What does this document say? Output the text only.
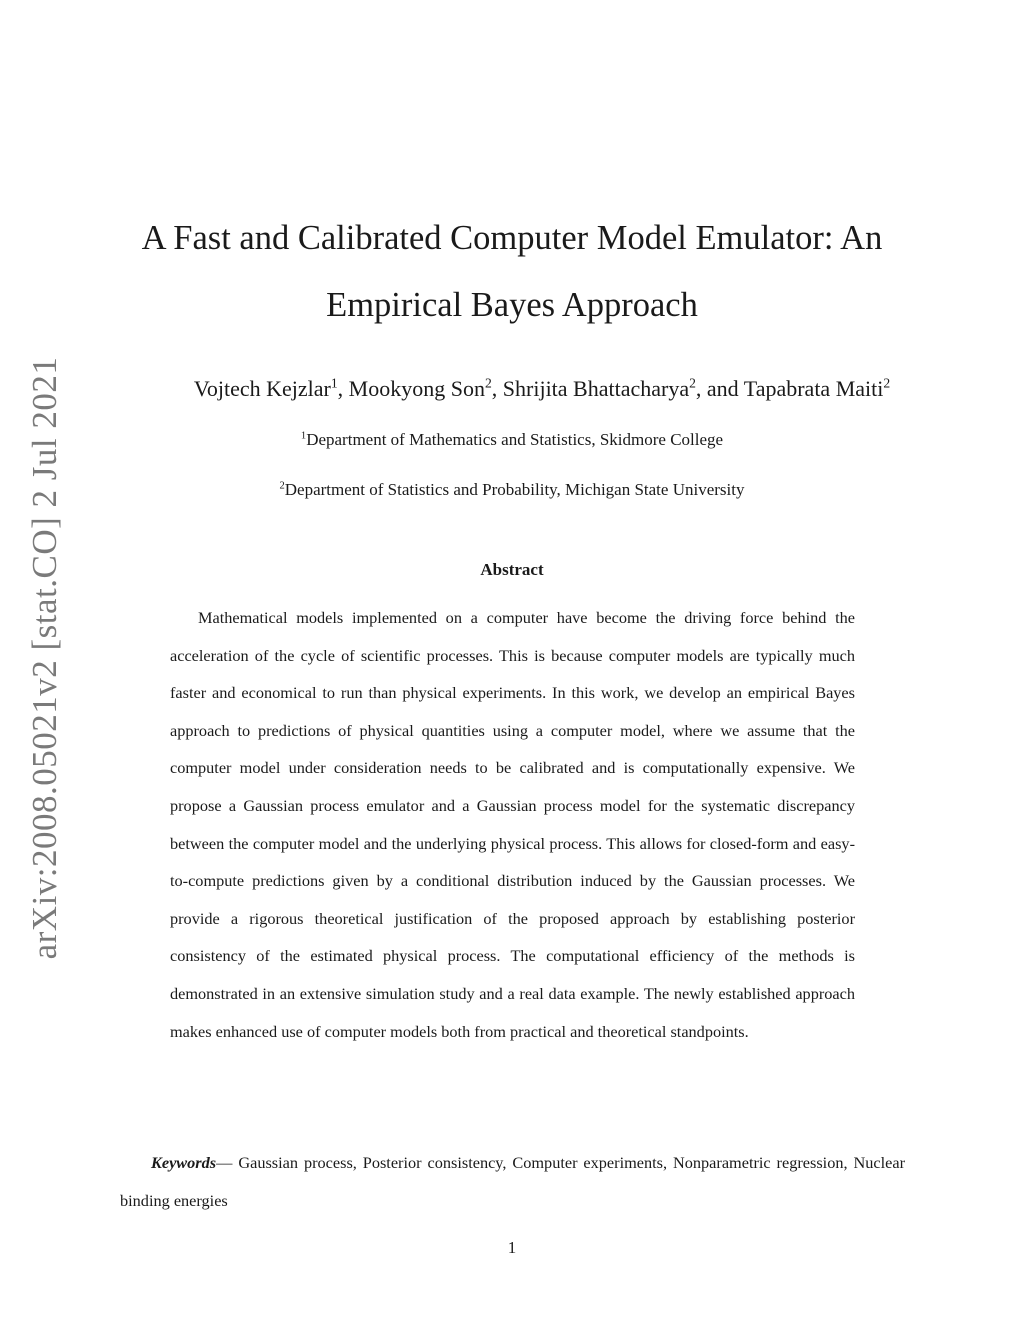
arXiv:2008.05021v2 [stat.CO] 2 Jul 2021
A Fast and Calibrated Computer Model Emulator: An Empirical Bayes Approach
Vojtech Kejzlar$^1$, Mookyong Son$^2$, Shrijita Bhattacharya$^2$, and Tapabrata Maiti$^2$
$^1$Department of Mathematics and Statistics, Skidmore College
$^2$Department of Statistics and Probability, Michigan State University
Abstract

Mathematical models implemented on a computer have become the driving force behind the acceleration of the cycle of scientific processes. This is because computer models are typically much faster and economical to run than physical experiments. In this work, we develop an empirical Bayes approach to predictions of physical quantities using a computer model, where we assume that the computer model under consideration needs to be calibrated and is computationally expensive. We propose a Gaussian process emulator and a Gaussian process model for the systematic discrepancy between the computer model and the underlying physical process. This allows for closed-form and easy-to-compute predictions given by a conditional distribution induced by the Gaussian processes. We provide a rigorous theoretical justification of the proposed approach by establishing posterior consistency of the estimated physical process. The computational efficiency of the methods is demonstrated in an extensive simulation study and a real data example. The newly established approach makes enhanced use of computer models both from practical and theoretical standpoints.

Keywords— Gaussian process, Posterior consistency, Computer experiments, Nonparametric regression, Nuclear binding energies

1
